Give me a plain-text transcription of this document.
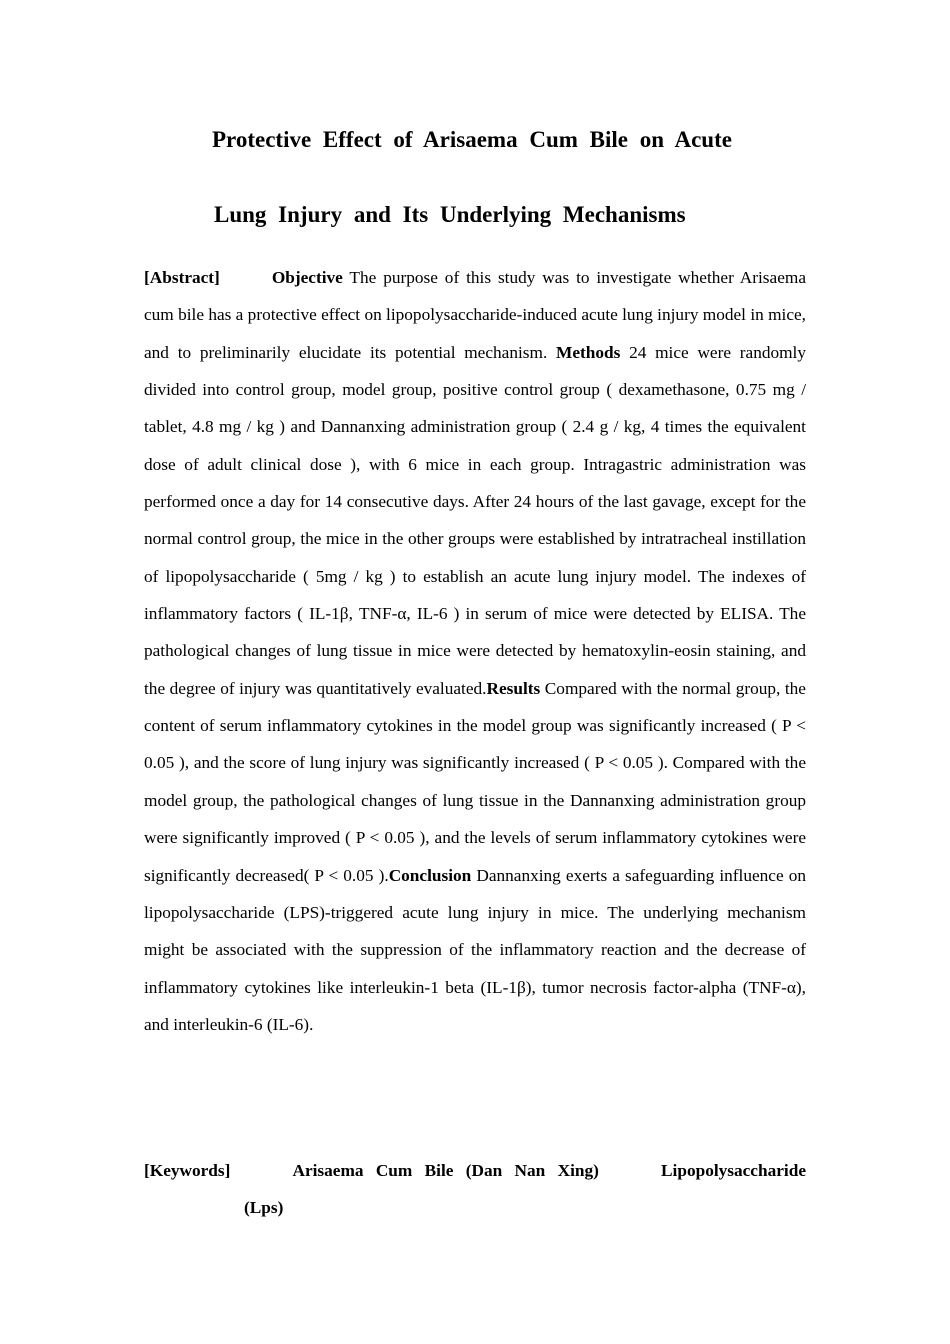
Protective Effect of Arisaema Cum Bile on Acute
Lung Injury and Its Underlying Mechanisms
[Abstract]	Objective The purpose of this study was to investigate whether Arisaema cum bile has a protective effect on lipopolysaccharide-induced acute lung injury model in mice, and to preliminarily elucidate its potential mechanism. Methods 24 mice were randomly divided into control group, model group, positive control group ( dexamethasone, 0.75 mg / tablet, 4.8 mg / kg ) and Dannanxing administration group ( 2.4 g / kg, 4 times the equivalent dose of adult clinical dose ), with 6 mice in each group. Intragastric administration was performed once a day for 14 consecutive days. After 24 hours of the last gavage, except for the normal control group, the mice in the other groups were established by intratracheal instillation of lipopolysaccharide ( 5mg / kg ) to establish an acute lung injury model. The indexes of inflammatory factors ( IL-1β, TNF-α, IL-6 ) in serum of mice were detected by ELISA. The pathological changes of lung tissue in mice were detected by hematoxylin-eosin staining, and the degree of injury was quantitatively evaluated.Results Compared with the normal group, the content of serum inflammatory cytokines in the model group was significantly increased ( P < 0.05 ), and the score of lung injury was significantly increased ( P < 0.05 ). Compared with the model group, the pathological changes of lung tissue in the Dannanxing administration group were significantly improved ( P < 0.05 ), and the levels of serum inflammatory cytokines were significantly decreased( P < 0.05 ).Conclusion Dannanxing exerts a safeguarding influence on lipopolysaccharide (LPS)-triggered acute lung injury in mice. The underlying mechanism might be associated with the suppression of the inflammatory reaction and the decrease of inflammatory cytokines like interleukin-1 beta (IL-1β), tumor necrosis factor-alpha (TNF-α), and interleukin-6 (IL-6).
[Keywords]	Arisaema Cum Bile (Dan Nan Xing)	Lipopolysaccharide
(Lps)
